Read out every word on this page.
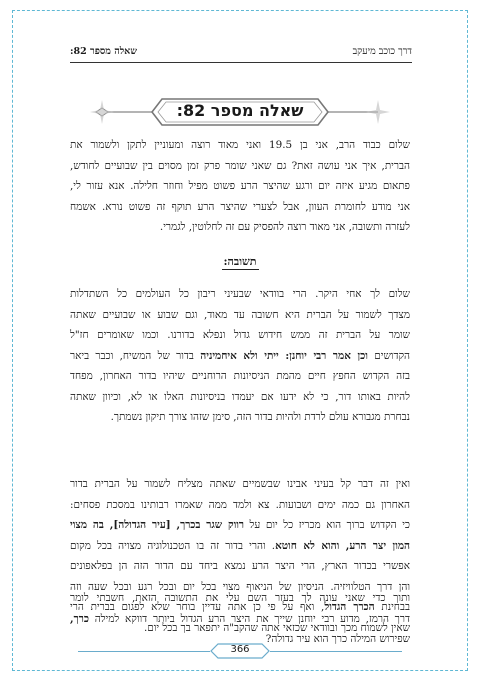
דרך כוכב מיעקב
שאלה מספר 82:
שאלה מספר 82:
שלום כבוד הרב, אני בן 19.5 ואני מאוד רוצה ומעוניין לתקן ולשמור את
הברית, איך אני עושה זאת? גם שאני שומר פרק זמן מסוים בין שבועיים לחודש,
פתאום מגיע איזה יום ורגע שהיצר הרע פשוט מפיל וחוזר חלילה. אנא עזור לי,
אני מודע לחומרת העוון, אבל לצערי שהיצר הרע תוקף זה פשוט נורא. אשמח
לעזרה ותשובה, אני מאוד רוצה להפסיק עם זה לחלוטין, לגמרי.
תשובה:
שלום לך אחי היקר. הרי בוודאי שבעיני ריבון כל העולמים כל השתדלות
מצדך לשמור על הברית היא חשובה עד מאוד, וגם שבוע או שבועיים שאתה
שומר על הברית זה ממש חידוש גדול ונפלא בדורנו. וכמו שאומרים חז"ל
הקדושים וכן אמר רבי יוחנן: ייתי ולא איחמיניה בדור של המשיח, וכבר ביאר
בזה הקדוש החפץ חיים מהמת הניסיונות הרוחניים שיהיו בדור האחרון, מפחד
להיות באותו דור, כי לא ידעו אם יעמדו בניסיונות האלו או לא, וכיוון שאתה
נבחרת מגבורא עולם לרדת ולהיות בדור הזה, סימן שזהו צורך תיקון נשמתך.
ואין זה דבר קל בעיני אבינו שבשמיים שאתה מצליח לשמור על הברית בדור
האחרון גם כמה ימים ושבועות. צא ולמד ממה שאמרו רבותינו במסכת פסחים:
כי הקדוש ברוך הוא מכריז כל יום על רווק שגר בכרך, [עיר הגדולה], בה מצוי
המון יצר הרע, והוא לא חוטא. והרי בדור זה בו הטכנולוגיה מצויה בכל מקום
אפשרי בכדור הארץ, הרי היצר הרע נמצא ביחד עם הדור הזה הן בפלאפונים
והן דרך הטלוויזיה. הניסיון של הניאוף מצוי בכל יום ובכל רגע ובכל שעה וזה
בבחינת הכרך הגדול, ואף על פי כן אתה עדיין בוחר שלא לפגום בברית הרי
שאין לשמוח מכך ובוודאי שכזאי אתה שהקב"ה יתפאר בך בכל יום.
ותוך כדי שאני עונה לך בעזר השם עלי את התשובה הזאת, חשבתי לומר
דרך הרמז, מדוע רבי יוחנן שייך את היצר הרע הגדול ביותר דווקא למילה כרך,
שפירוש המילה כרך הוא עיר גדולה?
366
